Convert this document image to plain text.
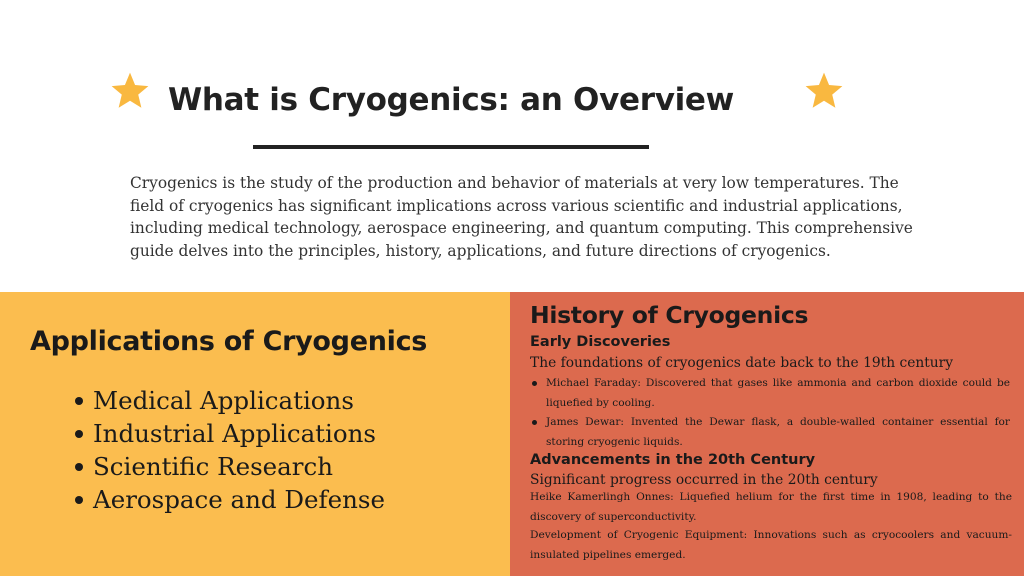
What is Cryogenics: an Overview

Cryogenics is the study of the production and behavior of materials at very low temperatures. The field of cryogenics has significant implications across various scientific and industrial applications, including medical technology, aerospace engineering, and quantum computing. This comprehensive guide delves into the principles, history, applications, and future directions of cryogenics.

Applications of Cryogenics
Medical Applications
Industrial Applications
Scientific Research
Aerospace and Defense
History of Cryogenics
Early Discoveries

The foundations of cryogenics date back to the 19th century

Michael Faraday: Discovered that gases like ammonia and carbon dioxide could be liquefied by cooling.
James Dewar: Invented the Dewar flask, a double-walled container essential for storing cryogenic liquids.
Advancements in the 20th Century

Significant progress occurred in the 20th century

Heike Kamerlingh Onnes: Liquefied helium for the first time in 1908, leading to the discovery of superconductivity.

Development of Cryogenic Equipment: Innovations such as cryocoolers and vacuum-insulated pipelines emerged.
